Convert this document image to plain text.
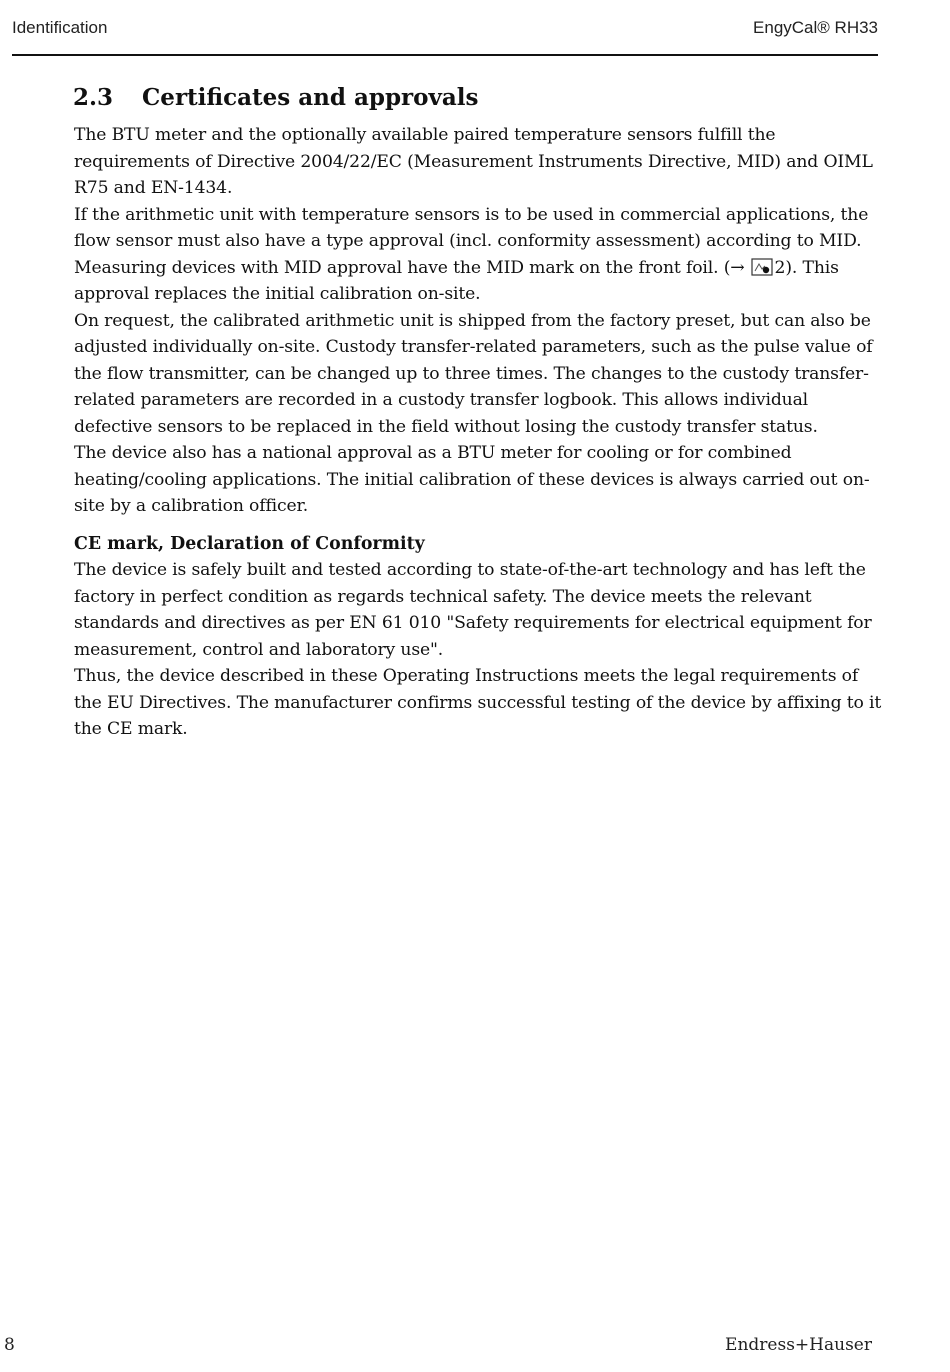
Identification	EngyCal® RH33
2.3 Certificates and approvals

The BTU meter and the optionally available paired temperature sensors fulfill the requirements of Directive 2004/22/EC (Measurement Instruments Directive, MID) and OIML R75 and EN-1434.

If the arithmetic unit with temperature sensors is to be used in commercial applications, the flow sensor must also have a type approval (incl. conformity assessment) according to MID.

Measuring devices with MID approval have the MID mark on the front foil. (→ 2). This approval replaces the initial calibration on-site.

On request, the calibrated arithmetic unit is shipped from the factory preset, but can also be adjusted individually on-site. Custody transfer-related parameters, such as the pulse value of the flow transmitter, can be changed up to three times. The changes to the custody transfer-related parameters are recorded in a custody transfer logbook. This allows individual defective sensors to be replaced in the field without losing the custody transfer status.

The device also has a national approval as a BTU meter for cooling or for combined heating/cooling applications. The initial calibration of these devices is always carried out on-site by a calibration officer.

CE mark, Declaration of Conformity

The device is safely built and tested according to state-of-the-art technology and has left the factory in perfect condition as regards technical safety. The device meets the relevant standards and directives as per EN 61 010 "Safety requirements for electrical equipment for measurement, control and laboratory use".

Thus, the device described in these Operating Instructions meets the legal requirements of the EU Directives. The manufacturer confirms successful testing of the device by affixing to it the CE mark.

8	Endress+Hauser
